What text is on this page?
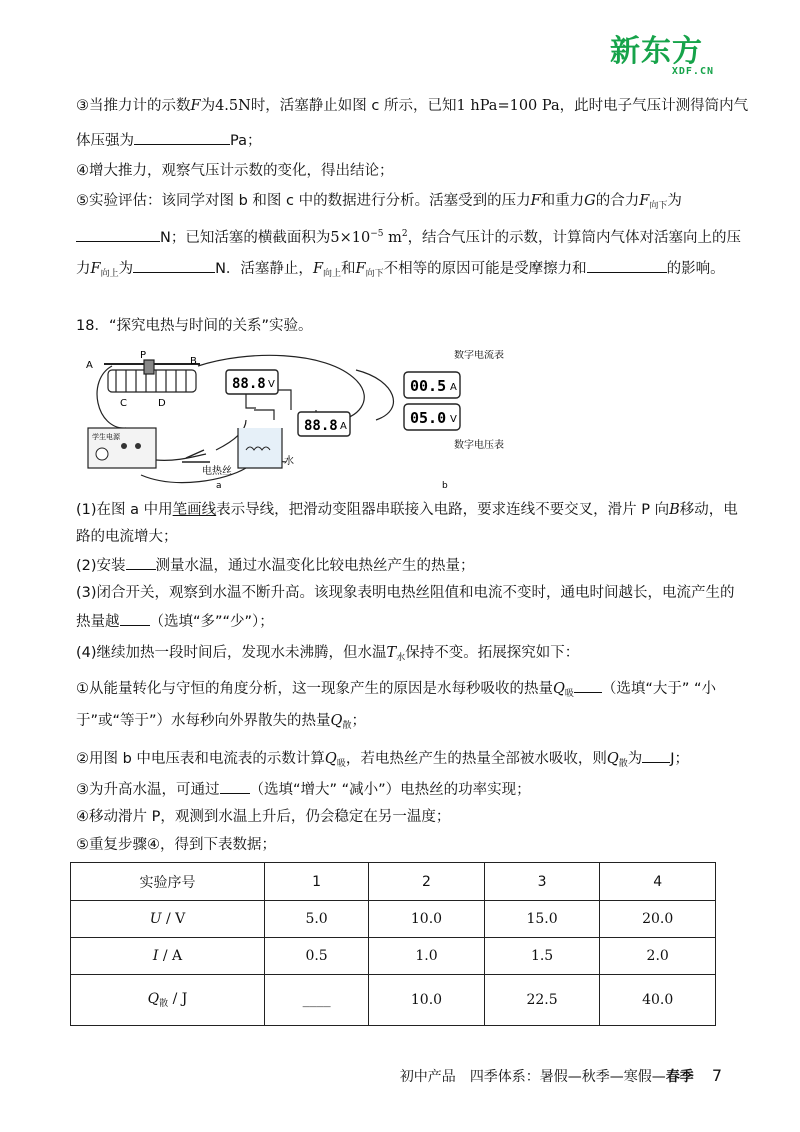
新东方
XDF.CN
③当推力计的示数F为4.5N时，活塞静止如图 c 所示，已知1 hPa=100 Pa，此时电子气压计测得筒内气
体压强为	Pa；
④增大推力，观察气压计示数的变化，得出结论；
⑤实验评估：该同学对图 b 和图 c 中的数据进行分析。活塞受到的压力F和重力G的合力$F_{向下}$为
N；已知活塞的横截面积为$5\times 10^{-5}$ $m^2$，结合气压计的示数，计算筒内气体对活塞向上的压
力$F_{向上}$为	N．活塞静止，$F_{向上}$和$F_{向下}$不相等的原因可能是受摩擦力和	的影响。
18．“探究电热与时间的关系”实验。
88.8 V
88.8 A
学生电源
A
P
B
C	D
电热丝
水
a
数字电流表
00.5 A
05.0 V
数字电压表
b
(1)在图 a 中用笔画线表示导线，把滑动变阻器串联接入电路，要求连线不要交叉，滑片 P 向B移动，电
路的电流增大；
(2)安装 测量水温，通过水温变化比较电热丝产生的热量；
(3)闭合开关，观察到水温不断升高。该现象表明电热丝阻值和电流不变时，通电时间越长，电流产生的
热量越 （选填“多”“少”）；
(4)继续加热一段时间后，发现水未沸腾，但水温$T_水$保持不变。拓展探究如下：
①从能量转化与守恒的角度分析，这一现象产生的原因是水每秒吸收的热量$Q_吸$ （选填“大于” “小
于”或“等于”）水每秒向外界散失的热量$Q_散$；
②用图 b 中电压表和电流表的示数计算$Q_吸$，若电热丝产生的热量全部被水吸收，则$Q_散$为 J；
③为升高水温，可通过 （选填“增大” “减小”）电热丝的功率实现；
④移动滑片 P，观测到水温上升后，仍会稳定在另一温度；
⑤重复步骤④，得到下表数据；
实验序号	1	2	3	4
U / V	5.0	10.0	15.0	20.0
I / A	0.5	1.0	1.5	2.0
$Q_散$ / J	____	10.0	22.5	40.0
初中产品  四季体系：暑假—秋季—寒假—春季 7
